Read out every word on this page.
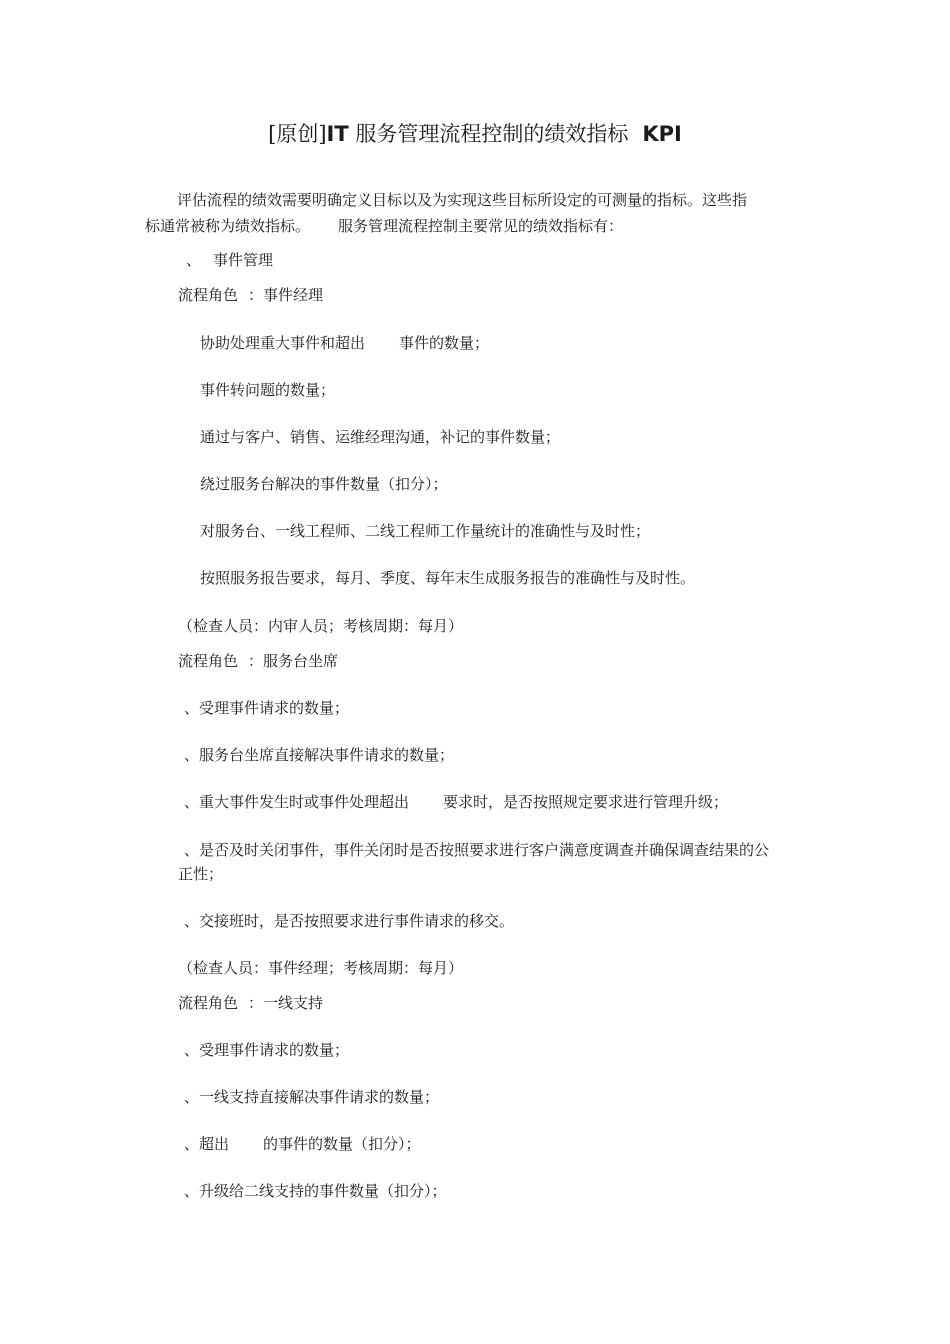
[原创]IT 服务管理流程控制的绩效指标 KPI
评估流程的绩效需要明确定义目标以及为实现这些目标所设定的可测量的指标。这些指
标通常被称为绩效指标。 服务管理流程控制主要常见的绩效指标有：
、 事件管理
流程角色 ：事件经理
协助处理重大事件和超出 事件的数量；
事件转问题的数量；
通过与客户、销售、运维经理沟通，补记的事件数量；
绕过服务台解决的事件数量（扣分）；
对服务台、一线工程师、二线工程师工作量统计的准确性与及时性；
按照服务报告要求，每月、季度、每年末生成服务报告的准确性与及时性。
（检查人员：内审人员；考核周期：每月）
流程角色 ：服务台坐席
、受理事件请求的数量；
、服务台坐席直接解决事件请求的数量；
、重大事件发生时或事件处理超出 要求时，是否按照规定要求进行管理升级；
、是否及时关闭事件，事件关闭时是否按照要求进行客户满意度调查并确保调查结果的公
正性；
、交接班时，是否按照要求进行事件请求的移交。
（检查人员：事件经理；考核周期：每月）
流程角色 ：一线支持
、受理事件请求的数量；
、一线支持直接解决事件请求的数量；
、超出 的事件的数量（扣分）；
、升级给二线支持的事件数量（扣分）；
